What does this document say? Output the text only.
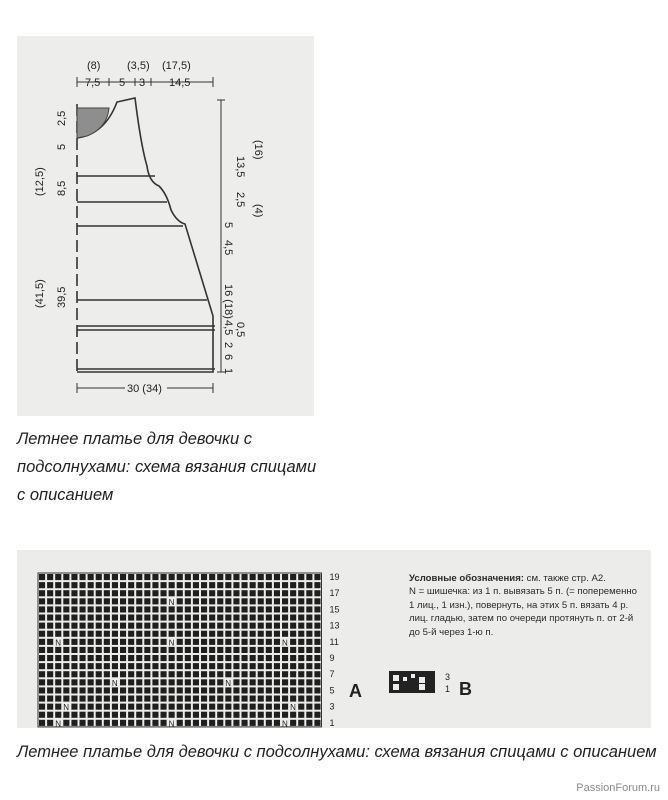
(8) (3,5) (17,5)
7,5 5 3 14,5
(12,5) 8,5
5
2,5
(41,5) 39,5
(16)
13,5
(4)
2,5
5
4,5
16 (18)
4,5 0,5
2
6
1
30 (34)
Летнее платье для девочки с подсолнухами: схема вязания спицами с описанием
N
N	N	N
N	N
N	N
N	N	N
19
17
15
13
11
9
7
5
3
1
A
3
1 B
Условные обозначения: см. также стр. А2.
N = шишечка: из 1 п. вывязать 5 п. (= попеременно 1 лиц., 1 изн.), повернуть, на этих 5 п. вязать 4 р. лиц. гладью, затем по очереди протянуть п. от 2-й до 5-й через 1-ю п.
Летнее платье для девочки с подсолнухами: схема вязания спицами с описанием
PassionForum.ru
